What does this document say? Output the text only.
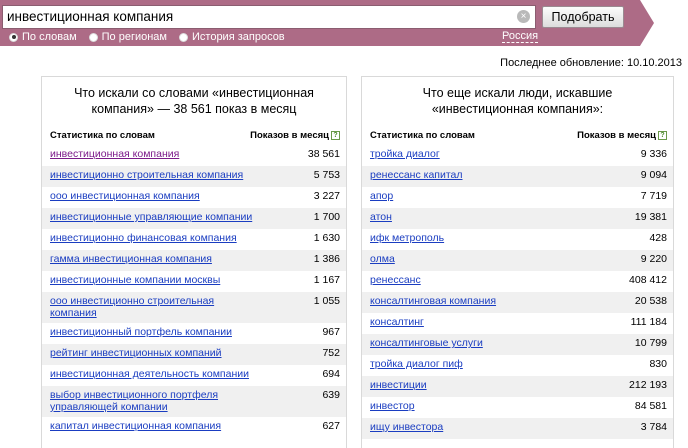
инвестиционная компания	×	Подобрать
По словам По регионам История запросов	Россия
Последнее обновление: 10.10.2013
Что искали со словами «инвестиционная компания» — 38 561 показ в месяц
Статистика по словам	Показов в месяц ?
инвестиционная компания	38 561
инвестиционно строительная компания	5 753
ооо инвестиционная компания	3 227
инвестиционные управляющие компании	1 700
инвестиционно финансовая компания	1 630
гамма инвестиционная компания	1 386
инвестиционные компании москвы	1 167
ооо инвестиционно строительная компания
1 055
инвестиционный портфель компании	967
рейтинг инвестиционных компаний	752
инвестиционная деятельность компании	694
выбор инвестиционного портфеля управляющей компании
639
капитал инвестиционная компания	627
Что еще искали люди, искавшие «инвестиционная компания»:
Статистика по словам	Показов в месяц ?
тройка диалог	9 336
ренессанс капитал	9 094
апор	7 719
атон	19 381
ифк метрополь	428
олма	9 220
ренессанс	408 412
консалтинговая компания	20 538
консалтинг	111 184
консалтинговые услуги	10 799
тройка диалог пиф	830
инвестиции	212 193
инвестор	84 581
ищу инвестора	3 784
